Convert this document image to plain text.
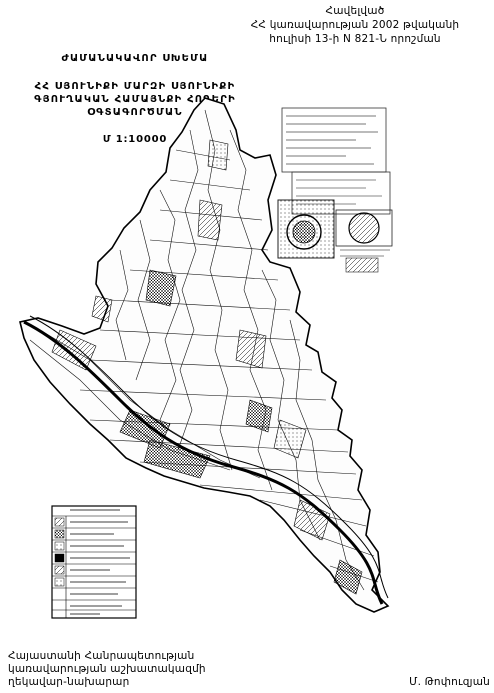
Հավելված
ՀՀ կառավարության 2002 թվականի
հուլիսի 13-ի N 821-Ն որոշման
ԺԱՄԱՆԱԿԱՎՈՐ ՍԽԵՄԱ
ՀՀ ՍՅՈՒՆԻՔԻ ՄԱՐԶԻ ՍՅՈՒՆԻՔԻ
ԳՅՈՒՂԱԿԱՆ ՀԱՄԱՅՆՔԻ ՀՈՂԵՐԻ
ՕԳՏԱԳՈՐԾՄԱՆ
Մ 1:10000
Հայաստանի Հանրապետության
կառավարության աշխատակազմի
ղեկավար-նախարար	Մ. Թոփուզյան
